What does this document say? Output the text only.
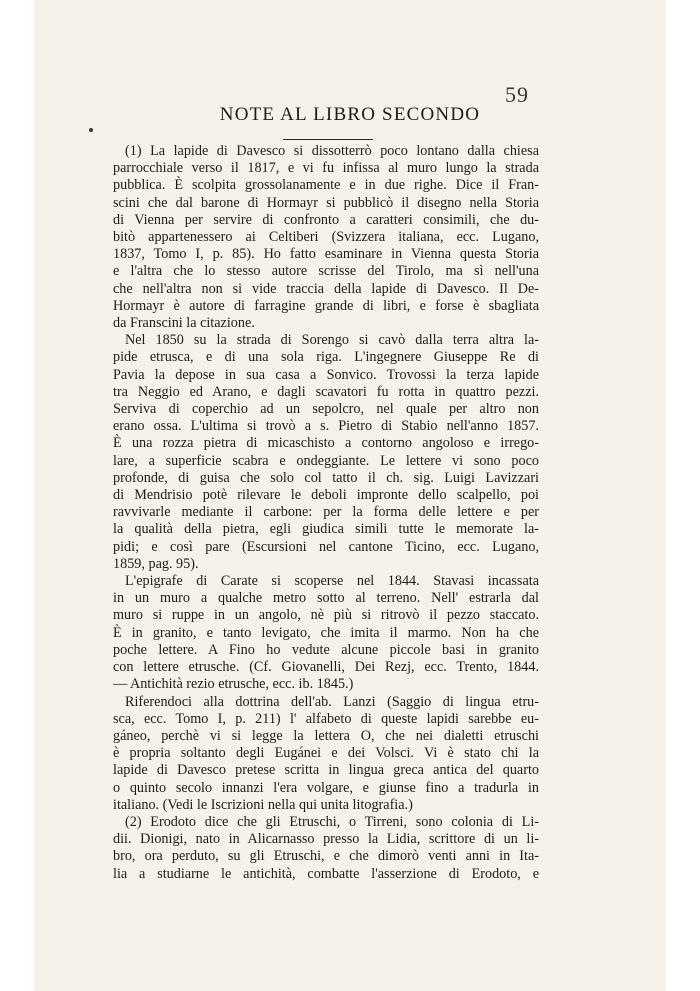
59
NOTE AL LIBRO SECONDO
(1) La lapide di Davesco si dissotterrò poco lontano dalla chiesa
parrocchiale verso il 1817, e vi fu infissa al muro lungo la strada
pubblica. È scolpita grossolanamente e in due righe. Dice il Fran-
scini che dal barone di Hormayr si pubblicò il disegno nella Storia
di Vienna per servire di confronto a caratteri consimili, che du-
bitò appartenessero ai Celtiberi (Svizzera italiana, ecc. Lugano,
1837, Tomo I, p. 85). Ho fatto esaminare in Vienna questa Storia
e l'altra che lo stesso autore scrisse del Tirolo, ma sì nell'una
che nell'altra non si vide traccia della lapide di Davesco. Il De-
Hormayr è autore di farragine grande di libri, e forse è sbagliata
da Franscini la citazione.
Nel 1850 su la strada di Sorengo si cavò dalla terra altra la-
pide etrusca, e di una sola riga. L'ingegnere Giuseppe Re di
Pavia la depose in sua casa a Sonvico. Trovossi la terza lapide
tra Neggio ed Arano, e dagli scavatori fu rotta in quattro pezzi.
Serviva di coperchio ad un sepolcro, nel quale per altro non
erano ossa. L'ultima si trovò a s. Pietro di Stabio nell'anno 1857.
È una rozza pietra di micaschisto a contorno angoloso e irrego-
lare, a superficie scabra e ondeggiante. Le lettere vi sono poco
profonde, di guisa che solo col tatto il ch. sig. Luigi Lavizzari
di Mendrisio potè rilevare le deboli impronte dello scalpello, poi
ravvivarle mediante il carbone: per la forma delle lettere e per
la qualità della pietra, egli giudica simili tutte le memorate la-
pidi; e così pare (Escursioni nel cantone Ticino, ecc. Lugano,
1859, pag. 95).
L'epigrafe di Carate si scoperse nel 1844. Stavasi incassata
in un muro a qualche metro sotto al terreno. Nell' estrarla dal
muro si ruppe in un angolo, nè più si ritrovò il pezzo staccato.
È in granito, e tanto levigato, che imita il marmo. Non ha che
poche lettere. A Fino ho vedute alcune piccole basi in granito
con lettere etrusche. (Cf. Giovanelli, Dei Rezj, ecc. Trento, 1844.
— Antichità rezio etrusche, ecc. ib. 1845.)
Riferendoci alla dottrina dell'ab. Lanzi (Saggio di lingua etru-
sca, ecc. Tomo I, p. 211) l' alfabeto di queste lapidi sarebbe eu-
gáneo, perchè vi si legge la lettera O, che nei dialetti etruschi
è propria soltanto degli Eugánei e dei Volsci. Vi è stato chi la
lapide di Davesco pretese scritta in lingua greca antica del quarto
o quinto secolo innanzi l'era volgare, e giunse fino a tradurla in
italiano. (Vedi le Iscrizioni nella qui unita litografia.)
(2) Erodoto dice che gli Etruschi, o Tirreni, sono colonia di Li-
dii. Dionigi, nato in Alicarnasso presso la Lidia, scrittore di un li-
bro, ora perduto, su gli Etruschi, e che dimorò venti anni in Ita-
lia a studiarne le antichità, combatte l'asserzione di Erodoto, e
